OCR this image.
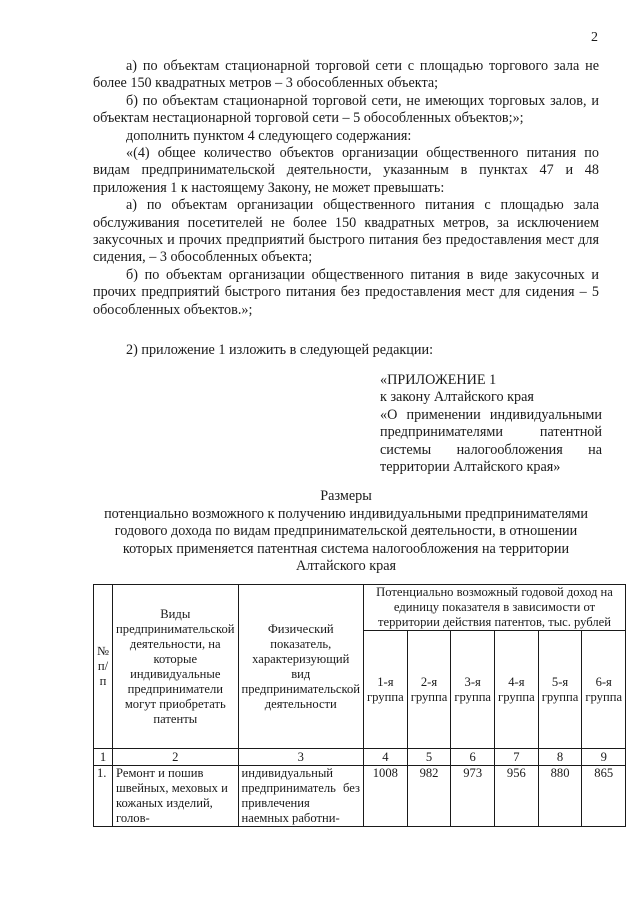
2

а) по объектам стационарной торговой сети с площадью торгового зала не более 150 квадратных метров – 3 обособленных объекта;

б) по объектам стационарной торговой сети, не имеющих торговых залов, и объектам нестационарной торговой сети – 5 обособленных объектов;»;

дополнить пунктом 4 следующего содержания:

«(4) общее количество объектов организации общественного питания по видам предпринимательской деятельности, указанным в пунктах 47 и 48 приложения 1 к настоящему Закону, не может превышать:

а) по объектам организации общественного питания с площадью зала обслуживания посетителей не более 150 квадратных метров, за исключением закусочных и прочих предприятий быстрого питания без предоставления мест для сидения, – 3 обособленных объекта;

б) по объектам организации общественного питания в виде закусочных и прочих предприятий быстрого питания без предоставления мест для сидения – 5 обособленных объектов.»;

2) приложение 1 изложить в следующей редакции:

«ПРИЛОЖЕНИЕ 1
к закону Алтайского края
«О применении индивидуальными предпринимателями патентной системы налогообложения на территории Алтайского края»

Размеры

потенциально возможного к получению индивидуальными предпринимателями годового дохода по видам предпринимательской деятельности, в отношении которых применяется патентная система налогообложения на территории Алтайского края

№ п/п	Виды предпринимательской деятельности, на которые индивидуальные предприниматели могут приобретать патенты	Физический показатель, характеризующий вид предпринимательской деятельности	Потенциально возможный годовой доход на единицу показателя в зависимости от территории действия патентов, тыс. рублей					
			1-я группа	2-я группа	3-я группа	4-я группа	5-я группа	6-я группа
1	2	3	4	5	6	7	8	9
1.	Ремонт и пошив швейных, меховых и кожаных изделий, голов-	индивидуальный предприниматель без привлечения наемных работни-	1008	982	973	956	880	865
